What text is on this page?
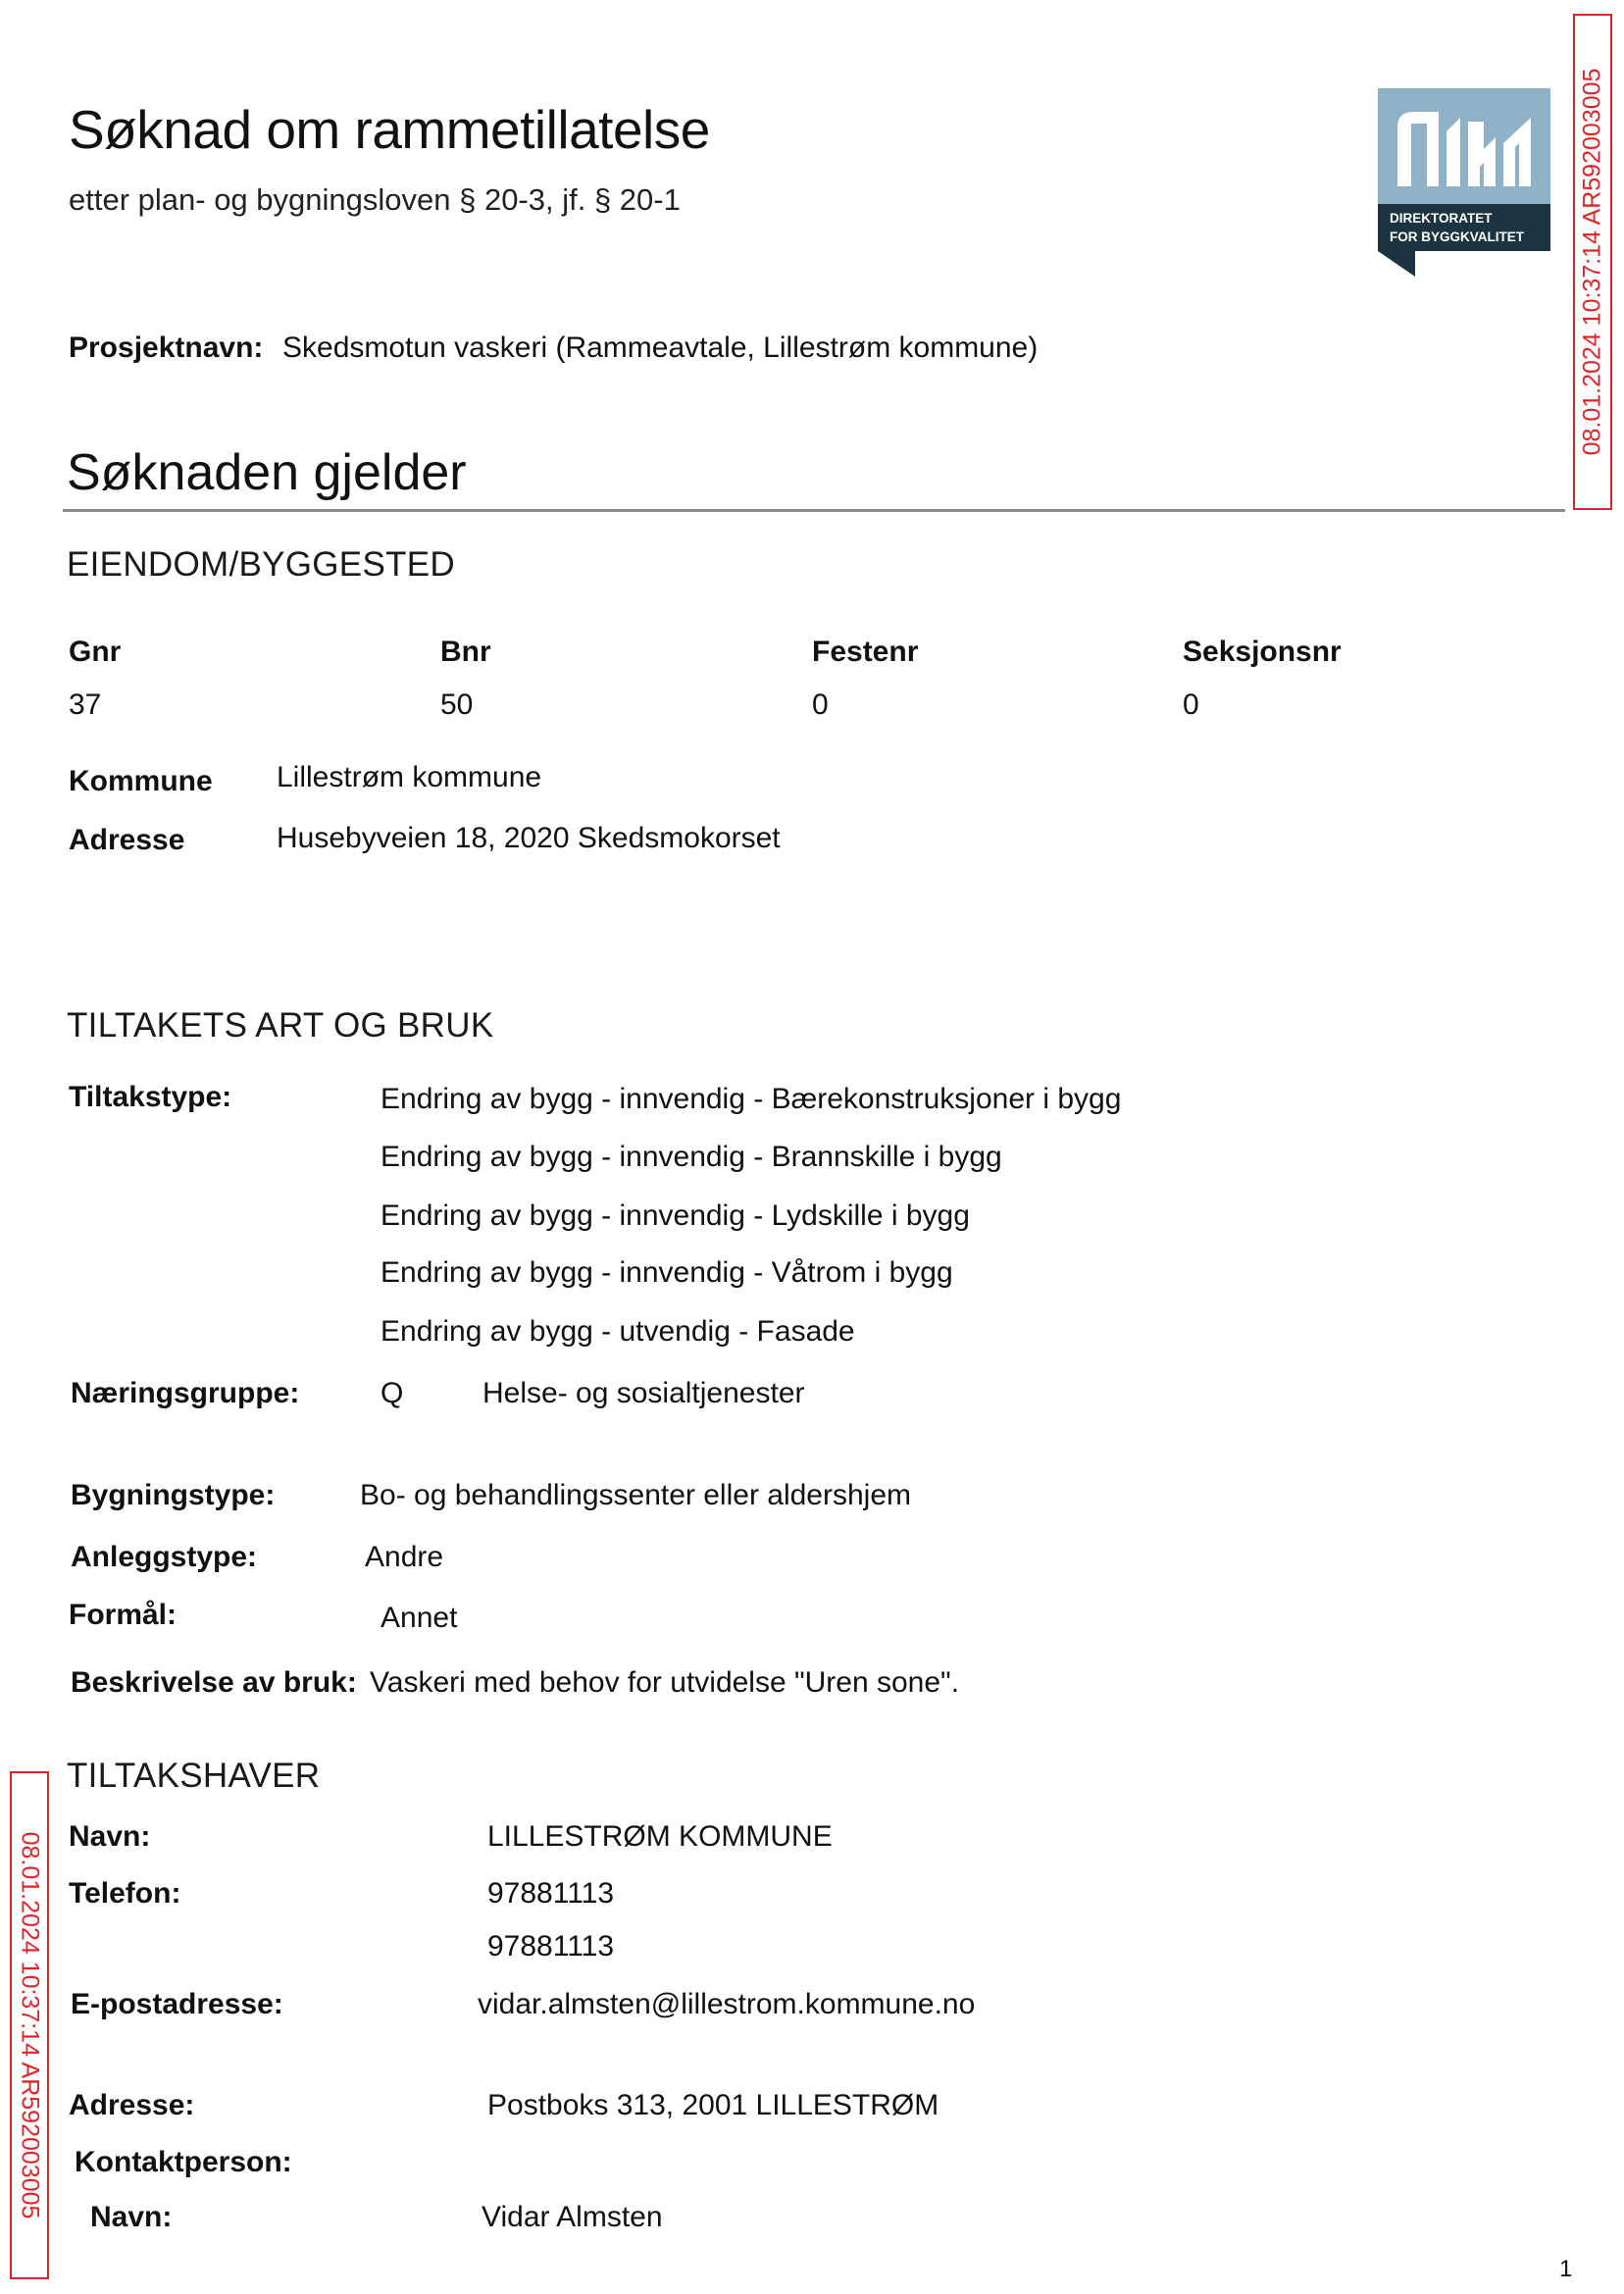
Søknad om rammetillatelse
etter plan- og bygningsloven § 20-3, jf. § 20-1
DIREKTORATET
FOR BYGGKVALITET 08.01.2024 10:37:14 AR592003005
08.01.2024 10:37:14 AR592003005
Prosjektnavn: Skedsmotun vaskeri (Rammeavtale, Lillestrøm kommune)
Søknaden gjelder
EIENDOM/BYGGESTED
Gnr	Bnr	Festenr	Seksjonsnr
37	50	0	0
Kommune Lillestrøm kommune
Adresse	Husebyveien 18, 2020 Skedsmokorset
TILTAKETS ART OG BRUK
Tiltakstype:	Endring av bygg - innvendig - Bærekonstruksjoner i bygg
Endring av bygg - innvendig - Brannskille i bygg
Endring av bygg - innvendig - Lydskille i bygg
Endring av bygg - innvendig - Våtrom i bygg
Endring av bygg - utvendig - Fasade
Næringsgruppe:	Q	Helse- og sosialtjenester
Bygningstype:	Bo- og behandlingssenter eller aldershjem
Anleggstype:	Andre
Formål:	Annet
Beskrivelse av bruk: Vaskeri med behov for utvidelse "Uren sone".
TILTAKSHAVER
Navn:	LILLESTRØM KOMMUNE
Telefon:	97881113
97881113
E-postadresse:	vidar.almsten@lillestrom.kommune.no
Adresse:	Postboks 313, 2001 LILLESTRØM
Kontaktperson:
Navn:	Vidar Almsten
1
